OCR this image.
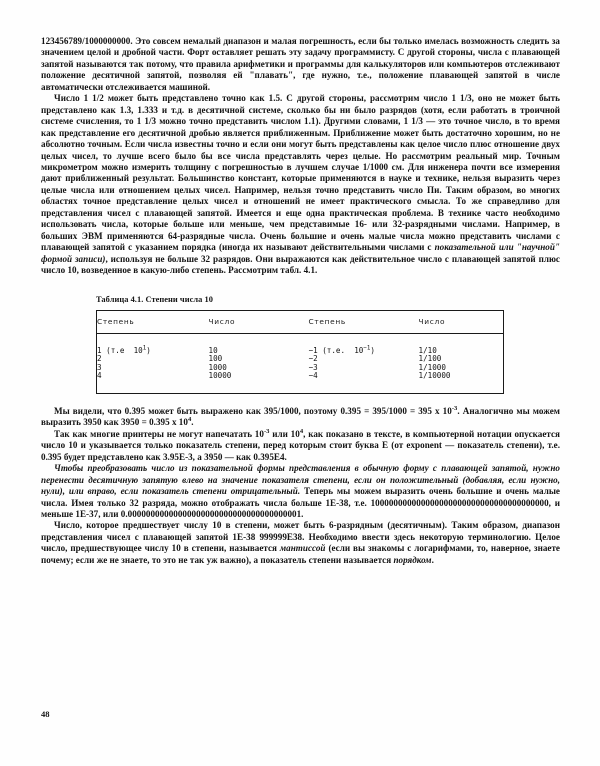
123456789/1000000000. Это совсем немалый диапазон и малая погрешность, если бы только имелась возможность следить за значением целой и дробной части. Форт оставляет решать эту задачу программисту. С другой стороны, числа с плавающей запятой называются так потому, что правила арифметики и программы для калькуляторов или компьютеров отслеживают положение десятичной запятой, позволяя ей "плавать", где нужно, т.е., положение плавающей запятой в числе автоматически отслеживается машиной.

Число 1 1/2 может быть представлено точно как 1.5. С другой стороны, рассмотрим число 1 1/3, оно не может быть представлено как 1.3, 1.333 и т.д. в десятичной системе, сколько бы ни было разрядов (хотя, если работать в троичной системе счисления, то 1 1/3 можно точно представить числом 1.1). Другими словами, 1 1/3 — это точное число, в то время как представление его десятичной дробью является приближенным. Приближение может быть достаточно хорошим, но не абсолютно точным. Если числа известны точно и если они могут быть представлены как целое число плюс отношение двух целых чисел, то лучше всего было бы все числа представлять через целые. Но рассмотрим реальный мир. Точным микрометром можно измерить толщину с погрешностью в лучшем случае 1/1000 см. Для инженера почти все измерения дают приближенный результат. Большинство констант, которые применяются в науке и технике, нельзя выразить через целые числа или отношением целых чисел. Например, нельзя точно представить число Пи. Таким образом, во многих областях точное представление целых чисел и отношений не имеет практического смысла. То же справедливо для представления чисел с плавающей запятой. Имеется и еще одна практическая проблема. В технике часто необходимо использовать числа, которые больше или меньше, чем представимые 16- или 32-разрядными числами. Например, в больших ЭВМ применяются 64-разрядные числа. Очень большие и очень малые числа можно представить числами с плавающей запятой с указанием порядка (иногда их называют действительными числами с показательной или "научной" формой записи), используя не больше 32 разрядов. Они выражаются как действительное число с плавающей запятой плюс число 10, возведенное в какую-либо степень. Рассмотрим табл. 4.1.

Таблица 4.1. Степени числа 10
Степень	Число	Степень	Число

1 (т.е  $10^1$)	10	−1 (т.е.  $10^{-1}$)	1/10
2	100	−2	1/100
3	1000	−3	1/1000
4	10000	−4	1/10000

Мы видели, что 0.395 может быть выражено как 395/1000, поэтому 0.395 = 395/1000 = 395 x $10^{-3}$. Аналогично мы можем выразить 3950 как 3950 = 0.395 x $10^4$.

Так как многие принтеры не могут напечатать $10^{-3}$ или $10^4$, как показано в тексте, в компьютерной нотации опускается число 10 и указывается только показатель степени, перед которым стоит буква Е (от exponent — показатель степени), т.е. 0.395 будет представлено как 3.95Е-3, а 3950 — как 0.395Е4.

Чтобы преобразовать число из показательной формы представления в обычную форму с плавающей запятой, нужно перенести десятичную запятую влево на значение показателя степени, если он положительный (добавляя, если нужно, нули), или вправо, если показатель степени отрицательный. Теперь мы можем выразить очень большие и очень малые числа. Имея только 32 разряда, можно отображать числа больше 1Е-38, т.е. 100000000000000000000000000000000000000, и меньше 1Е-37, или 0.00000000000000000000000000000000000001.

Число, которое предшествует числу 10 в степени, может быть 6-разрядным (десятичным). Таким образом, диапазон представления чисел с плавающей запятой 1Е-38 999999Е38. Необходимо ввести здесь некоторую терминологию. Целое число, предшествующее числу 10 в степени, называется мантиссой (если вы знакомы с логарифмами, то, наверное, знаете почему; если же не знаете, то это не так уж важно), а показатель степени называется порядком.

48
